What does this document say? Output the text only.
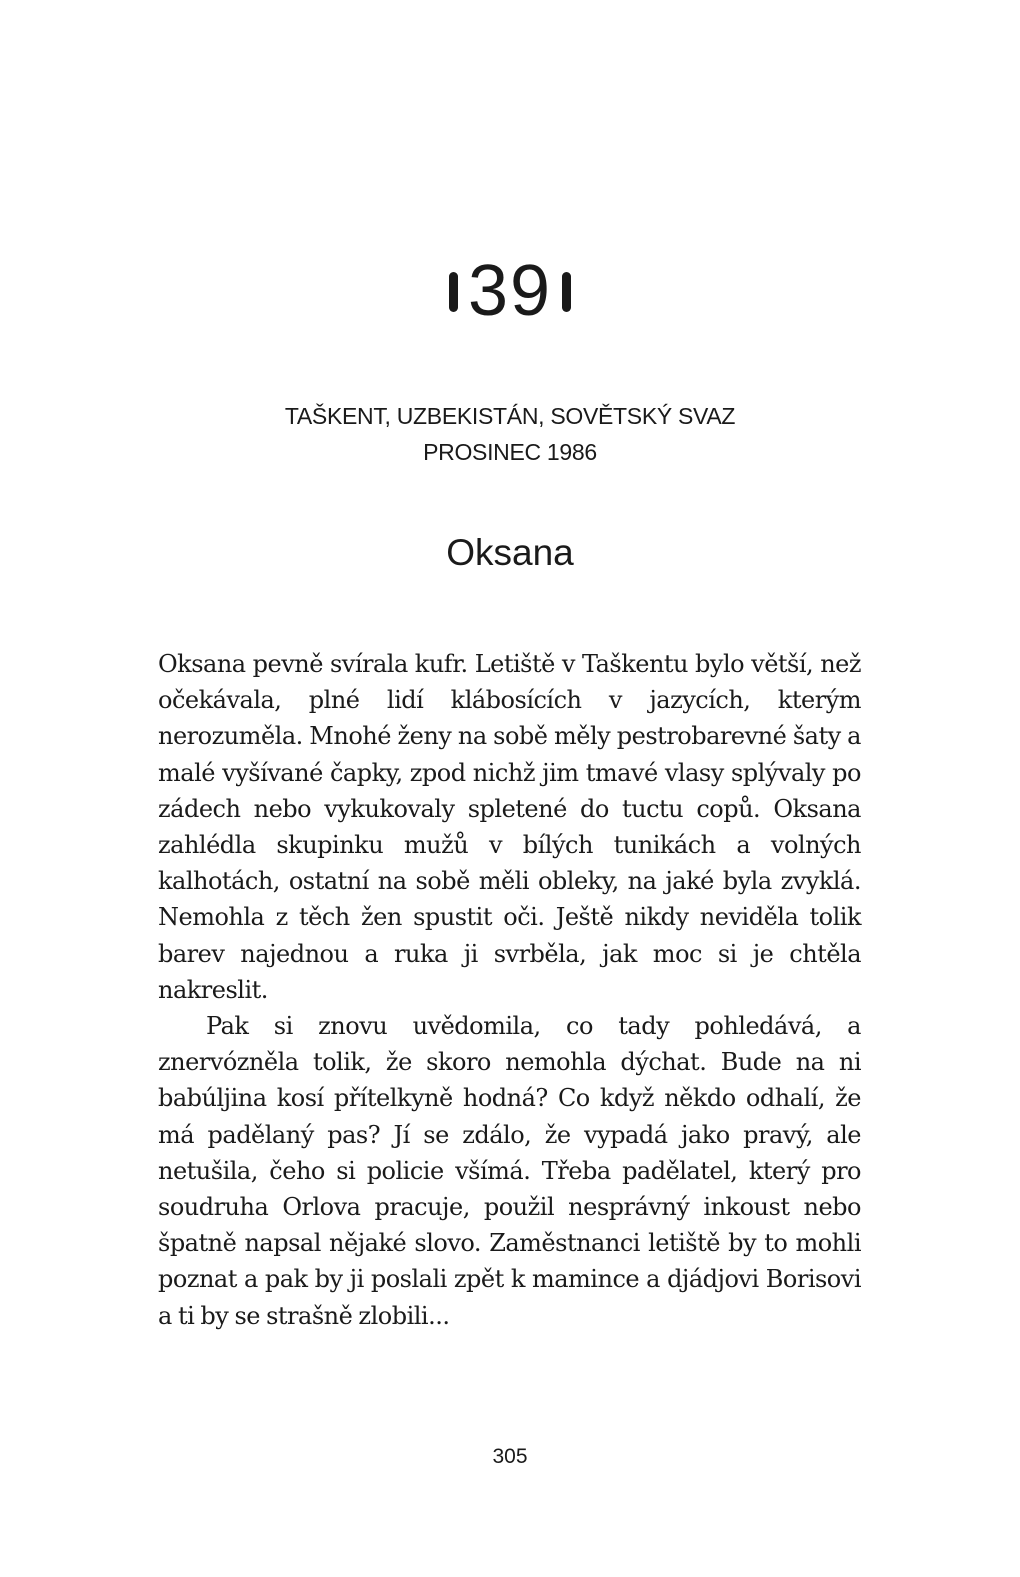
39
TAŠKENT, UZBEKISTÁN, SOVĚTSKÝ SVAZ
PROSINEC 1986
Oksana

Oksana pevně svírala kufr. Letiště v Taškentu bylo větší, než očekávala, plné lidí klábosících v jazycích, kterým nerozuměla. Mnohé ženy na sobě měly pestrobarevné šaty a malé vyšívané čapky, zpod nichž jim tmavé vlasy splývaly po zádech nebo vykukovaly spletené do tuctu copů. Oksana zahlédla skupinku mužů v bílých tunikách a volných kalhotách, ostatní na sobě měli obleky, na jaké byla zvyklá. Nemohla z těch žen spustit oči. Ještě nikdy neviděla tolik barev najednou a ruka ji svrběla, jak moc si je chtěla nakreslit.

Pak si znovu uvědomila, co tady pohledává, a znervózněla tolik, že skoro nemohla dýchat. Bude na ni babúljina kosí přítelkyně hodná? Co když někdo odhalí, že má padělaný pas? Jí se zdálo, že vypadá jako pravý, ale netušila, čeho si policie všímá. Třeba padělatel, který pro soudruha Orlova pracuje, použil nesprávný inkoust nebo špatně napsal nějaké slovo. Zaměstnanci letiště by to mohli poznat a pak by ji poslali zpět k mamince a djádjovi Borisovi a ti by se strašně zlobili...

305
